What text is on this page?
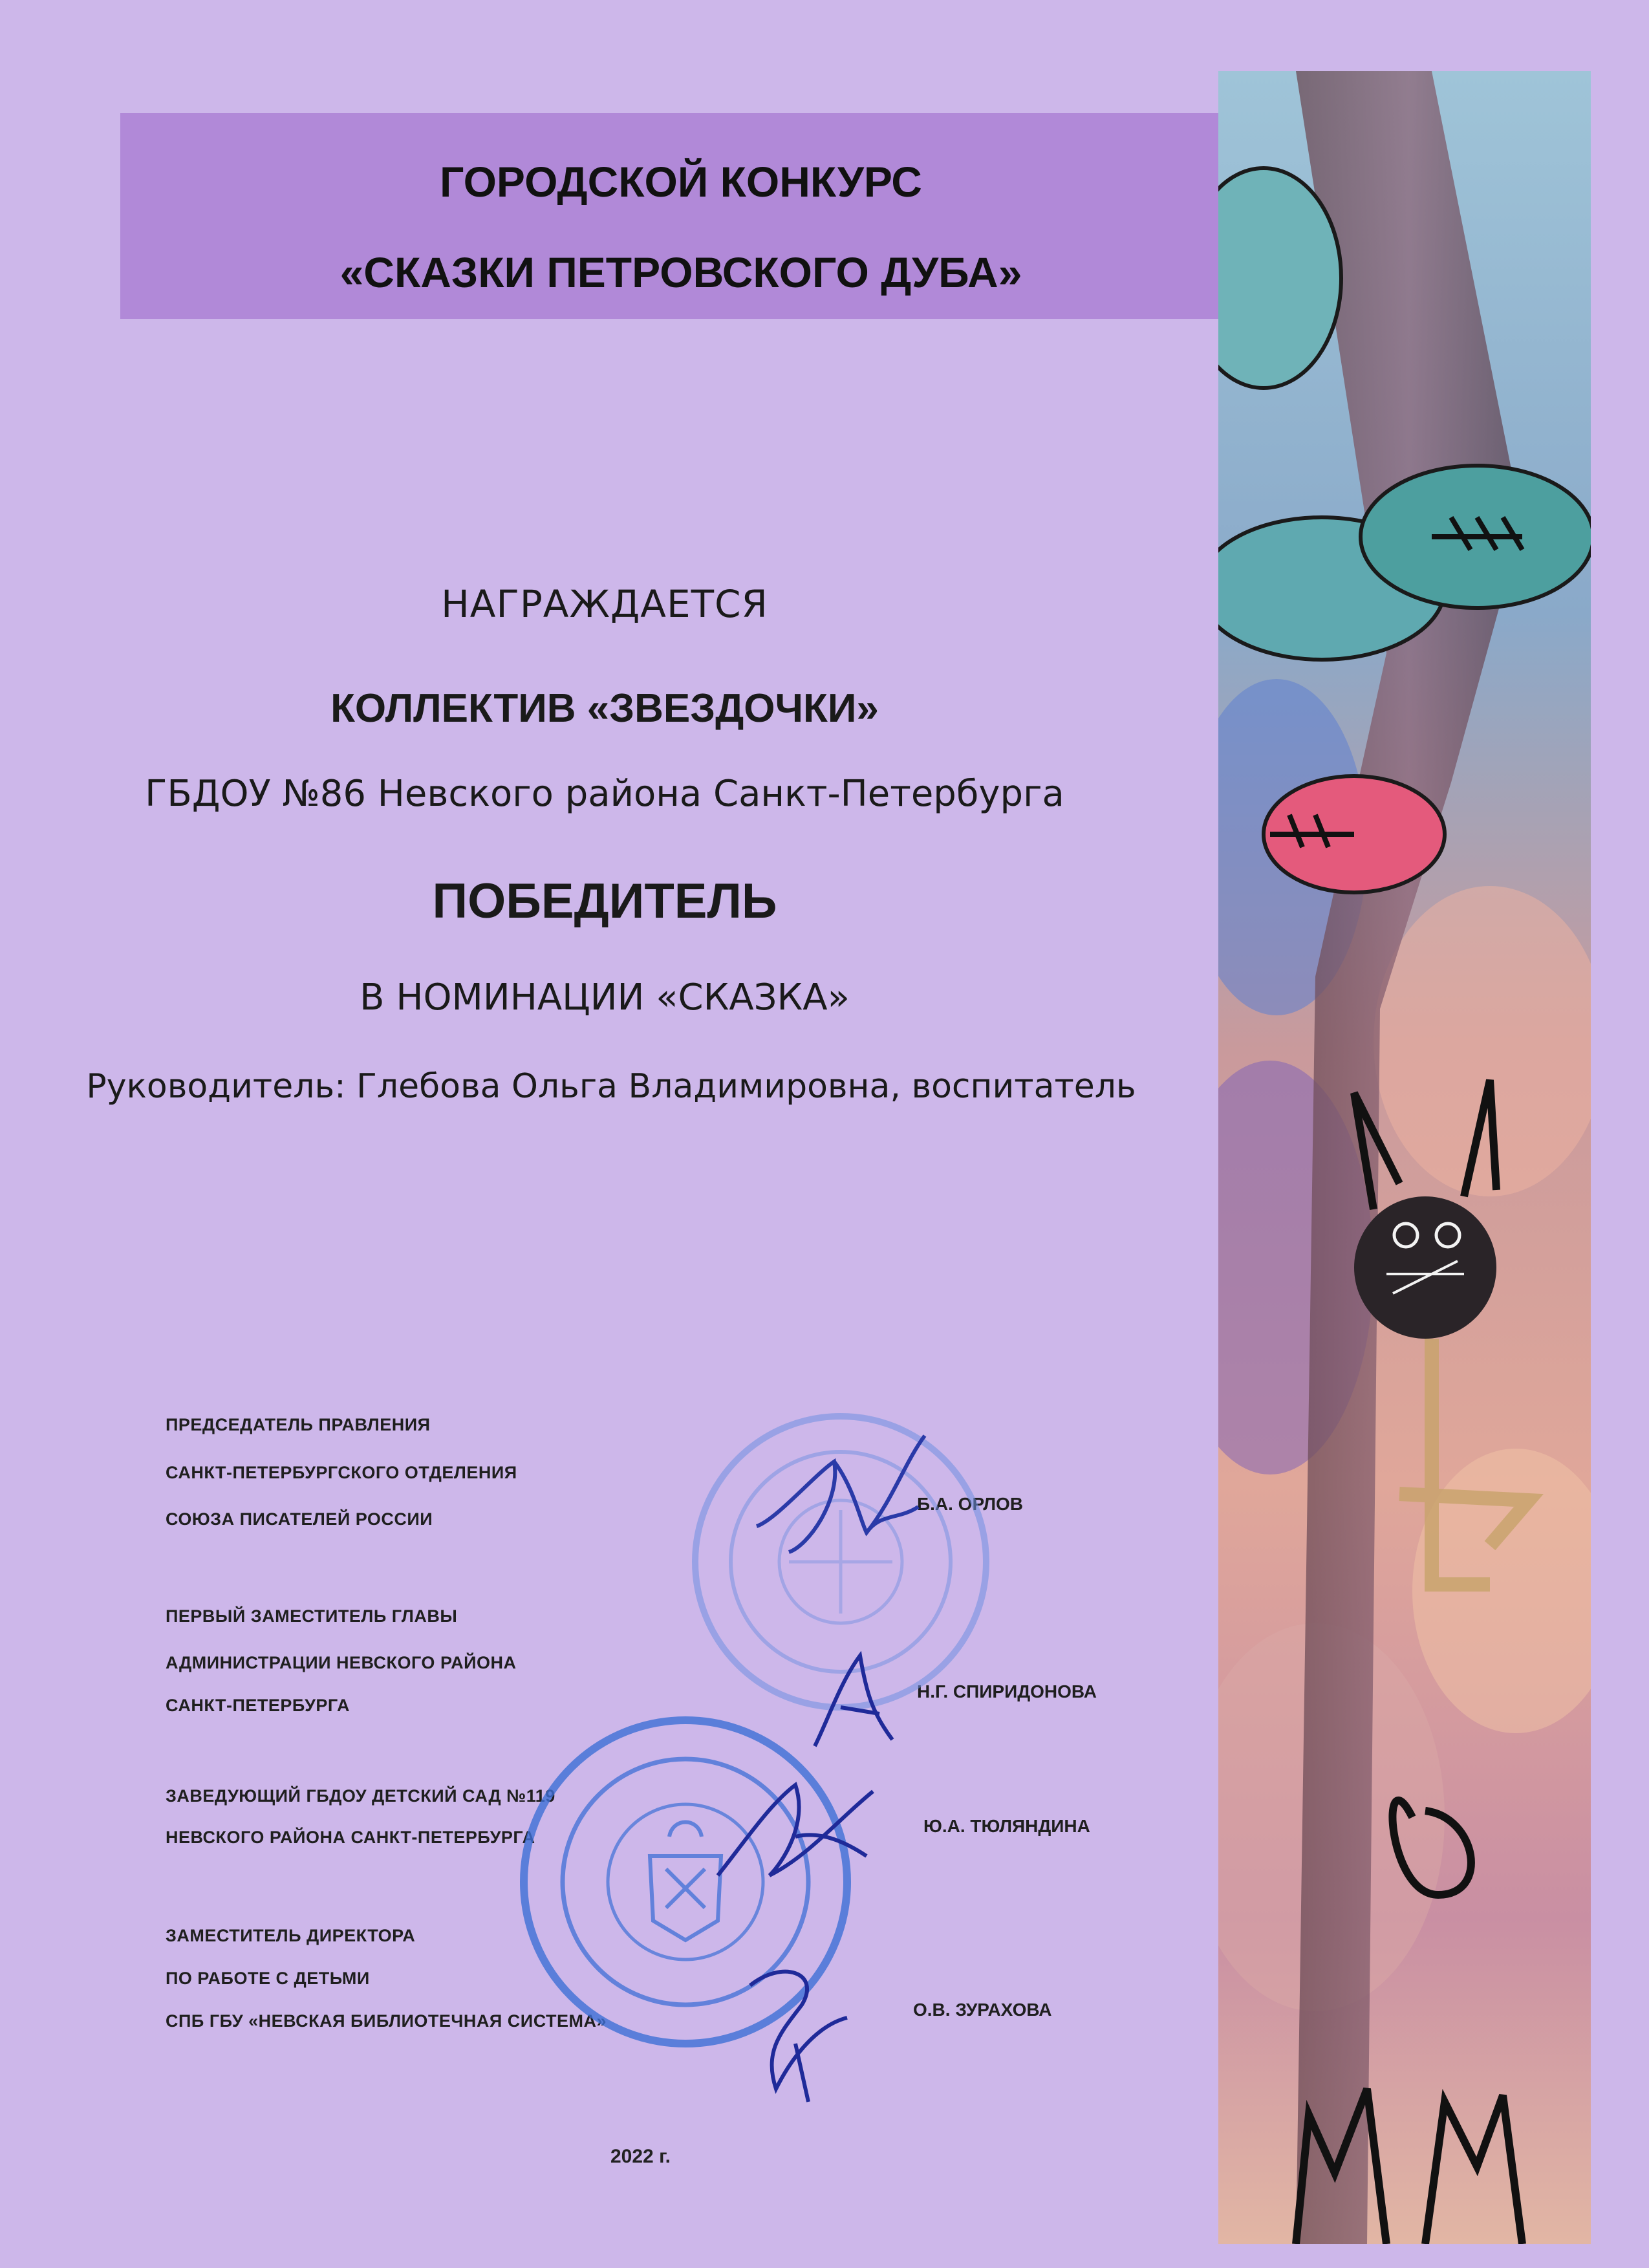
ГОРОДСКОЙ КОНКУРС
«СКАЗКИ ПЕТРОВСКОГО ДУБА»
НАГРАЖДАЕТСЯ
КОЛЛЕКТИВ «ЗВЕЗДОЧКИ»
ГБДОУ №86 Невского района Санкт-Петербурга
ПОБЕДИТЕЛЬ
В НОМИНАЦИИ «СКАЗКА»
Руководитель: Глебова Ольга Владимировна, воспитатель
ПРЕДСЕДАТЕЛЬ ПРАВЛЕНИЯ
САНКТ-ПЕТЕРБУРГСКОГО ОТДЕЛЕНИЯ
СОЮЗА ПИСАТЕЛЕЙ РОССИИ
Б.А. ОРЛОВ
ПЕРВЫЙ ЗАМЕСТИТЕЛЬ ГЛАВЫ
АДМИНИСТРАЦИИ НЕВСКОГО РАЙОНА
САНКТ-ПЕТЕРБУРГА
Н.Г. СПИРИДОНОВА
ЗАВЕДУЮЩИЙ ГБДОУ ДЕТСКИЙ САД №119
НЕВСКОГО РАЙОНА САНКТ-ПЕТЕРБУРГА
Ю.А. ТЮЛЯНДИНА
ЗАМЕСТИТЕЛЬ ДИРЕКТОРА
ПО РАБОТЕ С ДЕТЬМИ
СПБ ГБУ «НЕВСКАЯ БИБЛИОТЕЧНАЯ СИСТЕМА»
О.В. ЗУРАХОВА
2022 г.
